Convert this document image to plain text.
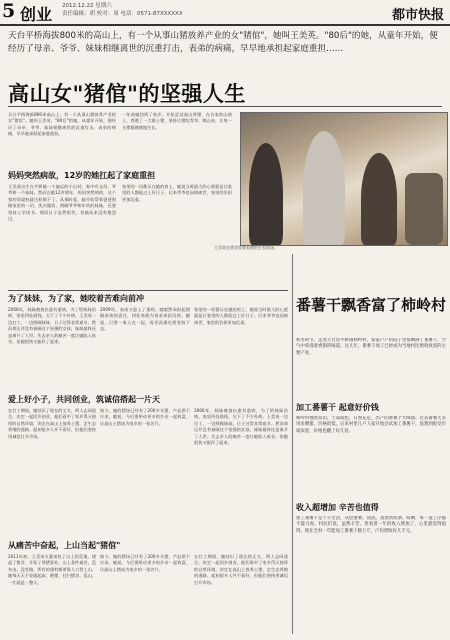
5 创业 2012.12.22 星期六
责任编辑：胡 校对：周 电话：0571-87XXXXXX	都市快报
天台平桥海拔800米的高山上，有一个从事山猪放养产业的女"猪倌"，她叫王美英。"80后"的她，从童年开始，便经历了母亲、爷爷、妹妹相继离世的沉重打击，表弟的病痛，早早地承担起家庭重担……
高山女"猪倌"的坚强人生
天台平桥海拔800米高山上，有一个从事山猪放养产业的女"猪倌"。她叫王美英，"80后"的她，从童年开始，便经历了母亲、爷爷、妹妹相继离世的沉重打击，表弟的病痛，早早地承担起家庭重担。
一年前她回到了家乡，开始尝试高山养猪，在自家的山坡上，养殖了一大群土猪，坚持让猪吃青草、喝山泉，让每一头猪都健康地生长。
妈妈突然病故，12岁的她扛起了家庭重担
王美英出生在平桥镇一个偏远的小山村，家中有父母、爷爷和一个妹妹。然而在她12岁那年，妈妈突然病故，这个家的顶梁柱就这样倒下了。从那时起，她开始帮着爸爸照顾家里的一切，洗衣做饭、照顾爷爷和年幼的妹妹，还要坚持上学读书。那段日子虽然很苦，但她从来没有抱怨过。
家里的一切都压在她的肩上，她说当时最大的心愿就是让家里的人都能过上好日子。后来爷爷也因病离世，家里的负担更加沉重。
王美英在猪舍里查看猪的生长情况。
为了妹妹，为了家，她咬着苦难向前冲
2006年，妹妹被查出患有重病，为了给妹妹治病，家里四处借钱，欠下了不少外债。王美英一边打工，一边照顾妹妹，日子过得非常艰辛。然而命运并没有眷顾这个坚强的女孩，妹妹最终还是离开了人世。失去亲人的痛苦一度让她陷入低谷，但她很快又振作了起来。
2009年，表弟又患上了重病，她毅然承担起照顾表弟的责任，四处奔波为表弟求医问药。她说，只要一家人在一起，再苦再难也要坚持下去。
家里的一切都压在她的肩上，她说当时最大的心愿就是让家里的人都能过上好日子。后来爷爷也因病离世，家里的负担更加沉重。
爱上好小子，共同创业，筑诚信搭起一片天
在打工期间，她结识了现在的丈夫，两人志同道合，决定一起回乡创业。他们看中了家乡得天独厚的自然环境，决定在高山上放养土猪，走生态养殖的道路。起初很多人并不看好，但他们坚持用诚信打开市场。
如今，她的猪场已经有了200多头猪，产品供不应求。她说，今后要带动更多的乡亲一起致富，让高山土猪成为家乡的一张名片。
2006年，妹妹被查出患有重病，为了给妹妹治病，家里四处借钱，欠下了不少外债。王美英一边打工，一边照顾妹妹，日子过得非常艰辛。然而命运并没有眷顾这个坚强的女孩，妹妹最终还是离开了人世。失去亲人的痛苦一度让她陷入低谷，但她很快又振作了起来。
从痛苦中奋起，上山当起"猪倌"
2011年初，王美英夫妻承包了山上的荒地，建起了猪舍，开始了养猪事业。山上条件艰苦，没有电、没有路，所有的建材都要靠人力背上山。她每天天不亮就起床，喂猪、打扫猪舍、巡山，一忙就是一整天。
如今，她的猪场已经有了200多头猪，产品供不应求。她说，今后要带动更多的乡亲一起致富，让高山土猪成为家乡的一张名片。
在打工期间，她结识了现在的丈夫，两人志同道合，决定一起回乡创业。他们看中了家乡得天独厚的自然环境，决定在高山上放养土猪，走生态养殖的道路。起初很多人并不看好，但他们坚持用诚信打开市场。
番薯干飘香富了柿岭村
初冬时节，走进天台县平桥镇柿岭村，家家户户的院子里都晒满了番薯干，空气中弥漫着香甜的味道。这几年，番薯干加工已经成为当地村民增收致富的主要产业。
加工番薯干 起意好价钱
柿岭村地处高山，土质疏松，日照充足，出产的番薯个大味甜。过去番薯大多用来喂猪，价格很低。后来村里几户人家开始尝试加工番薯干，没想到很受市场欢迎，价格也翻了好几倍。
收入超增加 辛苦也值得
加工番薯干是个辛苦活，从挖番薯、清洗、蒸煮到切条、晾晒，每一道工序都不能马虎。村民们说，虽然辛苦，但看着一年的收入增加了，心里就觉得值得。现在全村一年能加工番薯干数万斤，户均增收好几千元。
